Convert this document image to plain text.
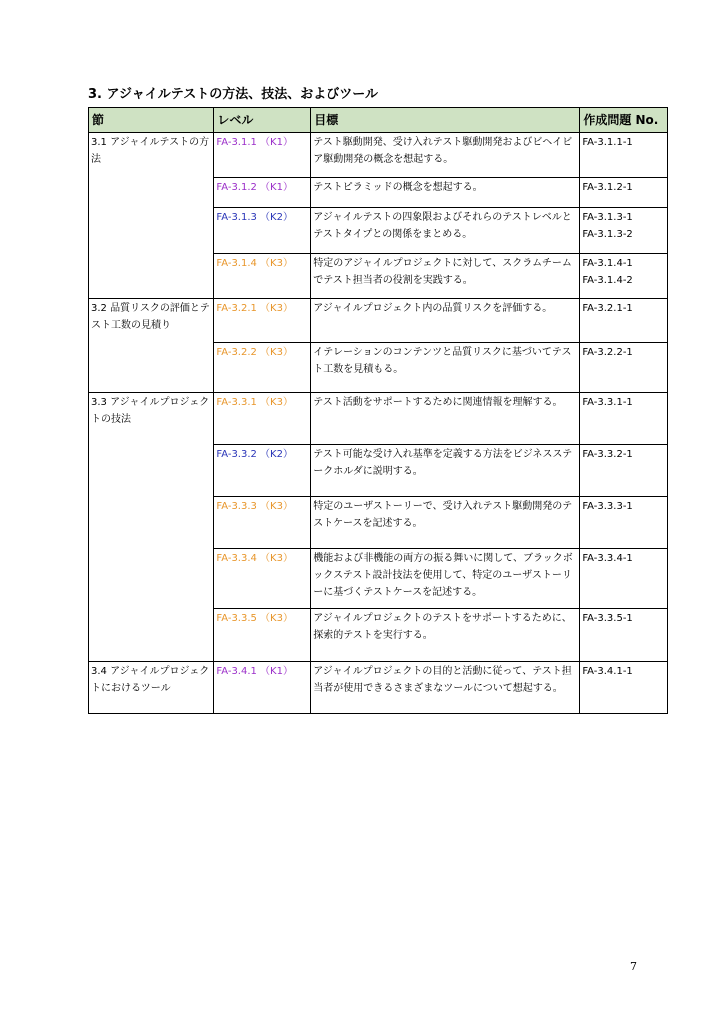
3. アジャイルテストの方法、技法、およびツール
節	レベル	目標	作成問題 No.
3.1 アジャイルテストの方法	FA-3.1.1 （K1）	テスト駆動開発、受け入れテスト駆動開発およびビヘイビア駆動開発の概念を想起する。	FA-3.1.1-1

	FA-3.1.2 （K1）	テストピラミッドの概念を想起する。	FA-3.1.2-1

	FA-3.1.3 （K2）	アジャイルテストの四象限およびそれらのテストレベルとテストタイプとの関係をまとめる。	FA-3.1.3-1
FA-3.1.3-2

	FA-3.1.4 （K3）	特定のアジャイルプロジェクトに対して、スクラムチームでテスト担当者の役割を実践する。	FA-3.1.4-1
FA-3.1.4-2

3.2 品質リスクの評価とテスト工数の見積り	FA-3.2.1 （K3）	アジャイルプロジェクト内の品質リスクを評価する。	FA-3.2.1-1

	FA-3.2.2 （K3）	イテレーションのコンテンツと品質リスクに基づいてテスト工数を見積もる。	FA-3.2.2-1

3.3 アジャイルプロジェクトの技法	FA-3.3.1 （K3）	テスト活動をサポートするために関連情報を理解する。	FA-3.3.1-1

	FA-3.3.2 （K2）	テスト可能な受け入れ基準を定義する方法をビジネスステークホルダに説明する。	FA-3.3.2-1

	FA-3.3.3 （K3）	特定のユーザストーリーで、受け入れテスト駆動開発のテストケースを記述する。	FA-3.3.3-1

	FA-3.3.4 （K3）	機能および非機能の両方の振る舞いに関して、ブラックボックステスト設計技法を使用して、特定のユーザストーリーに基づくテストケースを記述する。	FA-3.3.4-1

	FA-3.3.5 （K3）	アジャイルプロジェクトのテストをサポートするために、探索的テストを実行する。	FA-3.3.5-1

3.4 アジャイルプロジェクトにおけるツール	FA-3.4.1 （K1）	アジャイルプロジェクトの目的と活動に従って、テスト担当者が使用できるさまざまなツールについて想起する。	FA-3.4.1-1
7
